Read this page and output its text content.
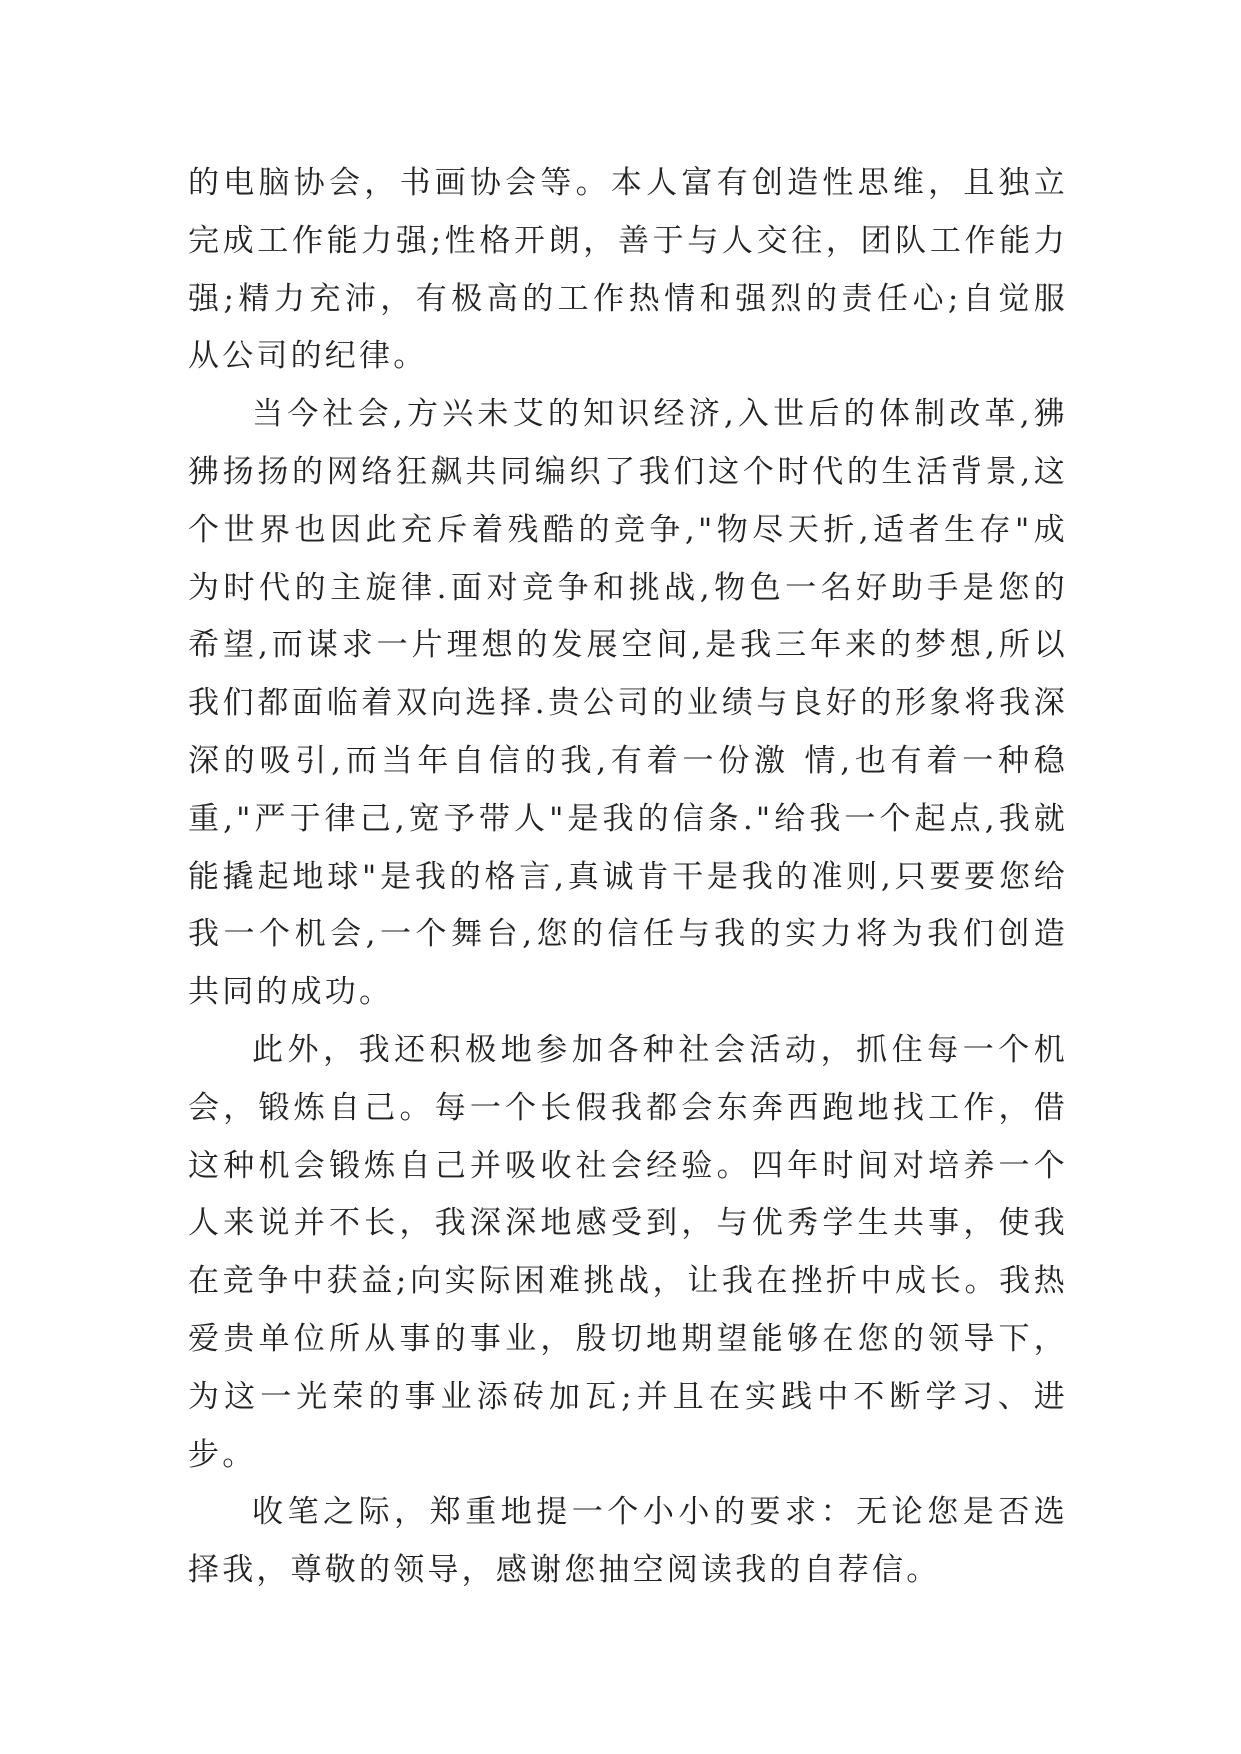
的电脑协会，书画协会等。本人富有创造性思维，且独立完成工作能力强;性格开朗，善于与人交往，团队工作能力强;精力充沛，有极高的工作热情和强烈的责任心;自觉服从公司的纪律。

当今社会,方兴未艾的知识经济,入世后的体制改革,狒狒扬扬的网络狂飙共同编织了我们这个时代的生活背景,这个世界也因此充斥着残酷的竞争,"物尽天折,适者生存"成为时代的主旋律.面对竞争和挑战,物色一名好助手是您的希望,而谋求一片理想的发展空间,是我三年来的梦想,所以我们都面临着双向选择.贵公司的业绩与良好的形象将我深深的吸引,而当年自信的我,有着一份激 情,也有着一种稳重,"严于律己,宽予带人"是我的信条."给我一个起点,我就能撬起地球"是我的格言,真诚肯干是我的准则,只要要您给我一个机会,一个舞台,您的信任与我的实力将为我们创造共同的成功。

此外，我还积极地参加各种社会活动，抓住每一个机会，锻炼自己。每一个长假我都会东奔西跑地找工作，借这种机会锻炼自己并吸收社会经验。四年时间对培养一个人来说并不长，我深深地感受到，与优秀学生共事，使我在竞争中获益;向实际困难挑战，让我在挫折中成长。我热爱贵单位所从事的事业，殷切地期望能够在您的领导下，为这一光荣的事业添砖加瓦;并且在实践中不断学习、进步。

收笔之际，郑重地提一个小小的要求：无论您是否选择我，尊敬的领导，感谢您抽空阅读我的自荐信。
